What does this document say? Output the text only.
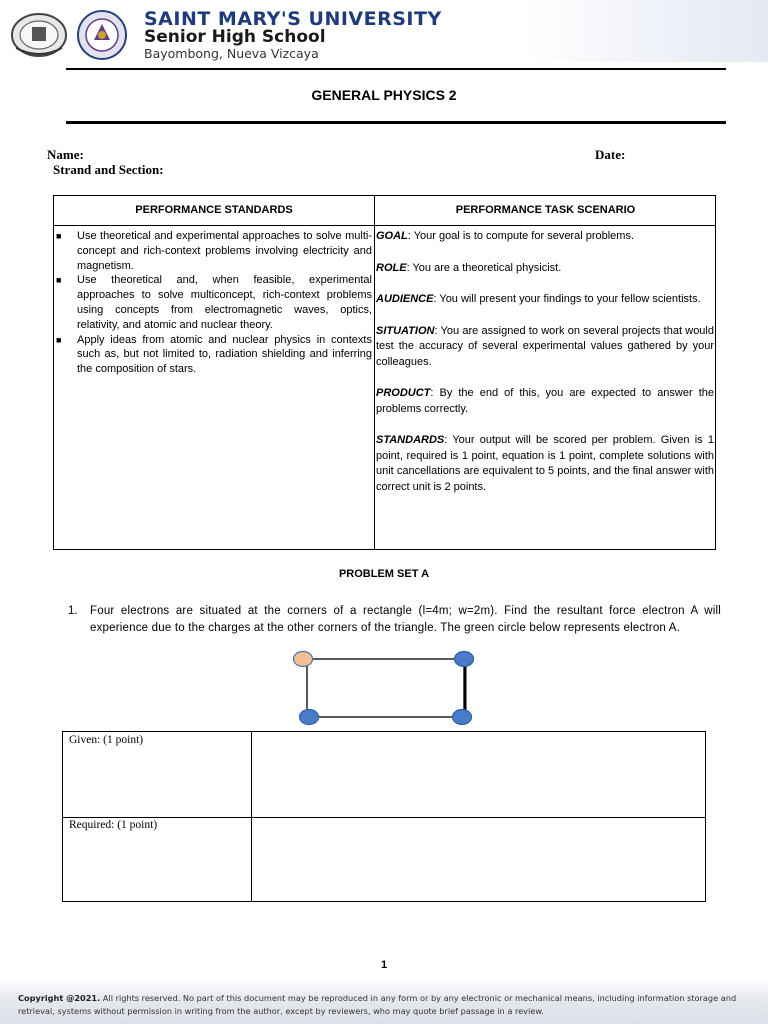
SAINT MARY'S UNIVERSITY
Senior High School
Bayombong, Nueva Vizcaya
GENERAL PHYSICS 2
Name:	Date:
Strand and Section:
PERFORMANCE STANDARDS	PERFORMANCE TASK SCENARIO
■ Use theoretical and experimental approaches to solve multi-concept and rich-context problems involving electricity and magnetism.
■ Use theoretical and, when feasible, experimental approaches to solve multiconcept, rich-context problems using concepts from electromagnetic waves, optics, relativity, and atomic and nuclear theory.
■ Apply ideas from atomic and nuclear physics in contexts such as, but not limited to, radiation shielding and inferring the composition of stars.

GOAL: Your goal is to compute for several problems.

ROLE: You are a theoretical physicist.

AUDIENCE: You will present your findings to your fellow scientists.

SITUATION: You are assigned to work on several projects that would test the accuracy of several experimental values gathered by your colleagues.

PRODUCT: By the end of this, you are expected to answer the problems correctly.

STANDARDS: Your output will be scored per problem. Given is 1 point, required is 1 point, equation is 1 point, complete solutions with unit cancellations are equivalent to 5 points, and the final answer with correct unit is 2 points.

PROBLEM SET A
1. Four electrons are situated at the corners of a rectangle (l=4m; w=2m). Find the resultant force electron A will experience due to the charges at the other corners of the triangle. The green circle below represents electron A.
Given: (1 point)
Required: (1 point)
1
Copyright @2021. All rights reserved. No part of this document may be reproduced in any form or by any electronic or mechanical means, including information storage and retrieval, systems without permission in writing from the author, except by reviewers, who may quote brief passage in a review.
